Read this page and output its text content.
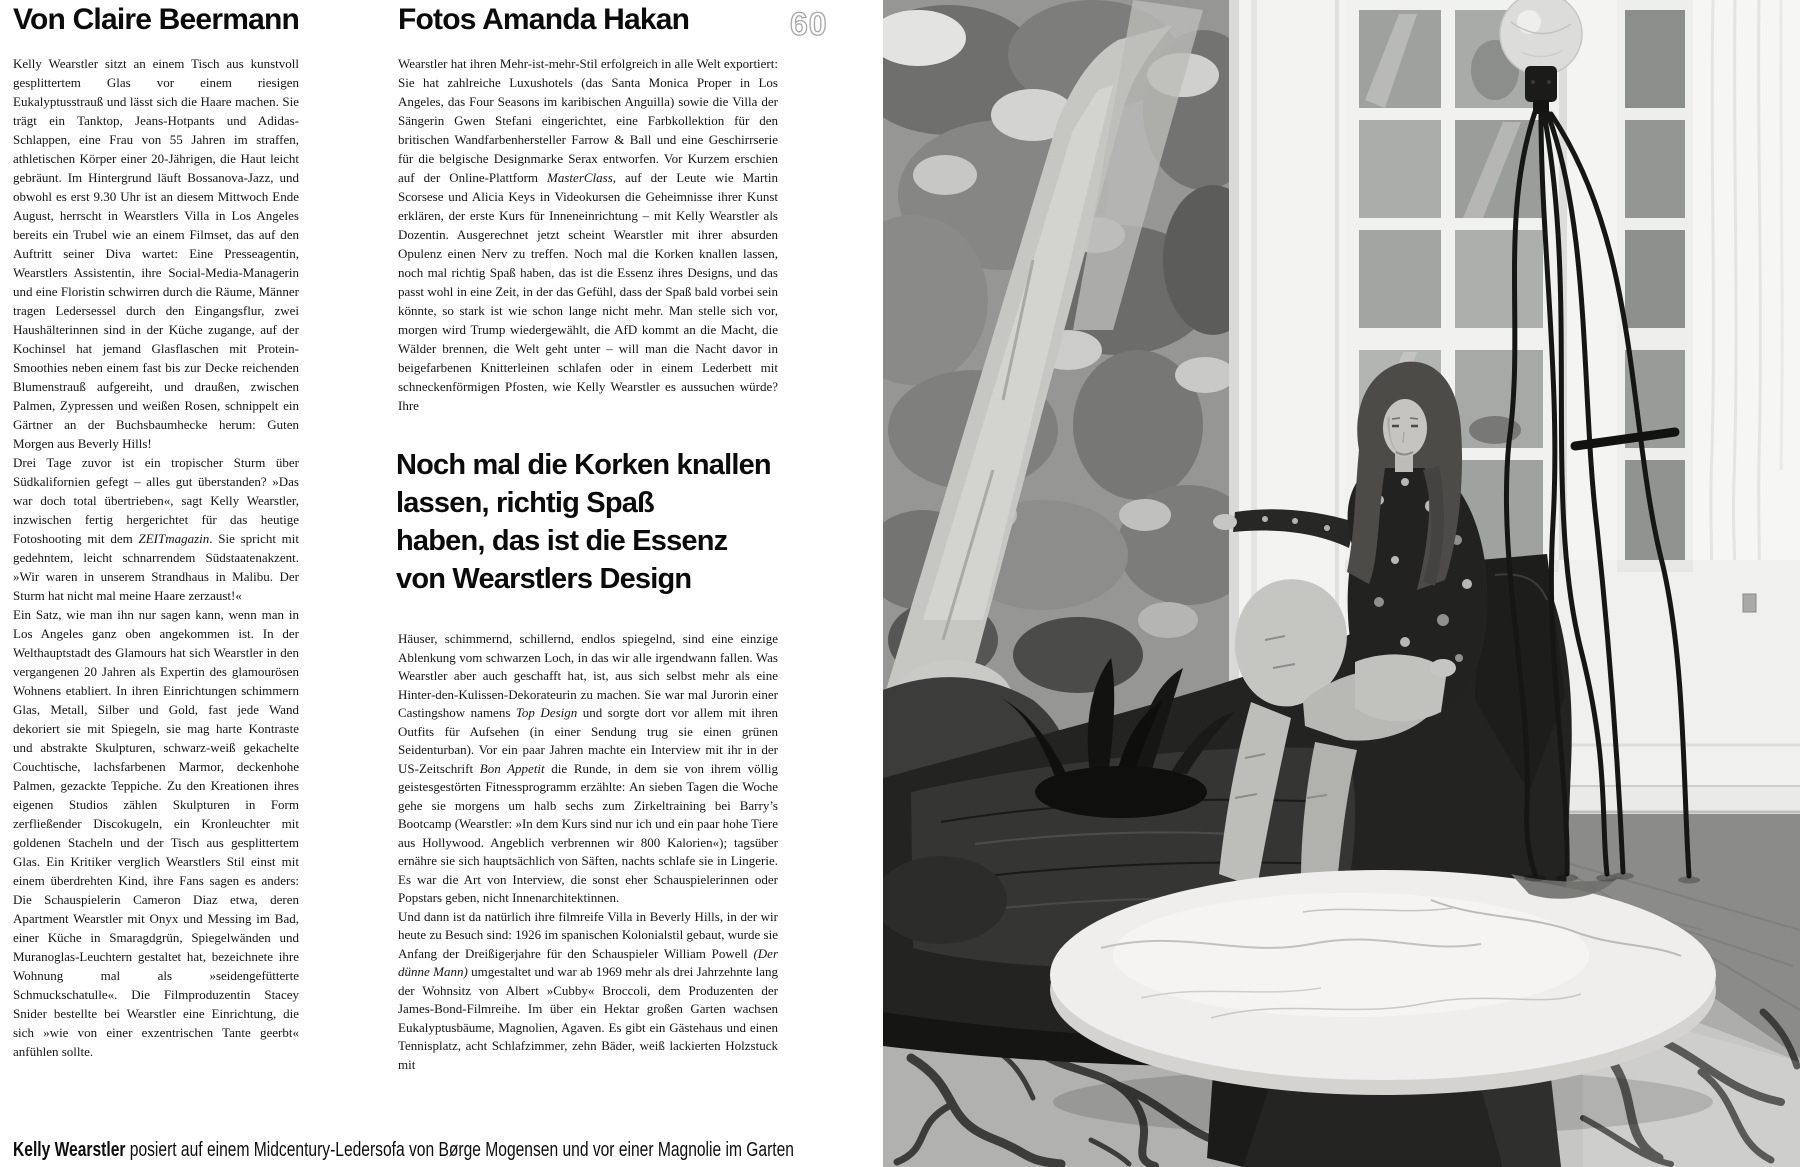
Von Claire Beermann	Fotos Amanda Hakan	60

Kelly Wearstler sitzt an einem Tisch aus kunstvoll gesplittertem Glas vor einem riesigen Eukalyptusstrauß und lässt sich die Haare machen. Sie trägt ein Tanktop, Jeans-Hotpants und Adidas-Schlappen, eine Frau von 55 Jahren im straffen, athletischen Körper einer 20-Jährigen, die Haut leicht gebräunt. Im Hintergrund läuft Bossanova-Jazz, und obwohl es erst 9.30 Uhr ist an diesem Mittwoch Ende August, herrscht in Wearstlers Villa in Los Angeles bereits ein Trubel wie an einem Filmset, das auf den Auftritt seiner Diva wartet: Eine Presseagentin, Wearstlers Assistentin, ihre Social-Media-Managerin und eine Floristin schwirren durch die Räume, Männer tragen Ledersessel durch den Eingangsflur, zwei Haushälterinnen sind in der Küche zugange, auf der Kochinsel hat jemand Glasflaschen mit Protein-Smoothies neben einem fast bis zur Decke reichenden Blumenstrauß aufgereiht, und draußen, zwischen Palmen, Zypressen und weißen Rosen, schnippelt ein Gärtner an der Buchsbaumhecke herum: Guten Morgen aus Beverly Hills!

Drei Tage zuvor ist ein tropischer Sturm über Südkalifornien gefegt – alles gut überstanden? »Das war doch total übertrieben«, sagt Kelly Wearstler, inzwischen fertig hergerichtet für das heutige Fotoshooting mit dem ZEITmagazin. Sie spricht mit gedehntem, leicht schnarrendem Südstaatenakzent. »Wir waren in unserem Strandhaus in Malibu. Der Sturm hat nicht mal meine Haare zerzaust!«

Ein Satz, wie man ihn nur sagen kann, wenn man in Los Angeles ganz oben angekommen ist. In der Welthauptstadt des Glamours hat sich Wearstler in den vergangenen 20 Jahren als Expertin des glamourösen Wohnens etabliert. In ihren Einrichtungen schimmern Glas, Metall, Silber und Gold, fast jede Wand dekoriert sie mit Spiegeln, sie mag harte Kontraste und abstrakte Skulpturen, schwarz-weiß gekachelte Couchtische, lachsfarbenen Marmor, deckenhohe Palmen, gezackte Teppiche. Zu den Kreationen ihres eigenen Studios zählen Skulpturen in Form zerfließender Discokugeln, ein Kronleuchter mit goldenen Stacheln und der Tisch aus gesplittertem Glas. Ein Kritiker verglich Wearstlers Stil einst mit einem überdrehten Kind, ihre Fans sagen es anders: Die Schauspielerin Cameron Diaz etwa, deren Apartment Wearstler mit Onyx und Messing im Bad, einer Küche in Smaragdgrün, Spiegelwänden und Muranoglas-Leuchtern gestaltet hat, bezeichnete ihre Wohnung mal als »seidengefütterte Schmuckschatulle«. Die Filmproduzentin Stacey Snider bestellte bei Wearstler eine Einrichtung, die sich »wie von einer exzentrischen Tante geerbt« anfühlen sollte.

Wearstler hat ihren Mehr-ist-mehr-Stil erfolgreich in alle Welt exportiert: Sie hat zahlreiche Luxushotels (das Santa Monica Proper in Los Angeles, das Four Seasons im karibischen Anguilla) sowie die Villa der Sängerin Gwen Stefani eingerichtet, eine Farbkollektion für den britischen Wandfarbenhersteller Farrow & Ball und eine Geschirrserie für die belgische Designmarke Serax entworfen. Vor Kurzem erschien auf der Online-Plattform MasterClass, auf der Leute wie Martin Scorsese und Alicia Keys in Videokursen die Geheimnisse ihrer Kunst erklären, der erste Kurs für Inneneinrichtung – mit Kelly Wearstler als Dozentin. Ausgerechnet jetzt scheint Wearstler mit ihrer absurden Opulenz einen Nerv zu treffen. Noch mal die Korken knallen lassen, noch mal richtig Spaß haben, das ist die Essenz ihres Designs, und das passt wohl in eine Zeit, in der das Gefühl, dass der Spaß bald vorbei sein könnte, so stark ist wie schon lange nicht mehr. Man stelle sich vor, morgen wird Trump wiedergewählt, die AfD kommt an die Macht, die Wälder brennen, die Welt geht unter – will man die Nacht davor in beigefarbenen Knitterleinen schlafen oder in einem Lederbett mit schneckenförmigen Pfosten, wie Kelly Wearstler es aussuchen würde? Ihre

Noch mal die Korken knallen
lassen, richtig Spaß
haben, das ist die Essenz
von Wearstlers Design

Häuser, schimmernd, schillernd, endlos spiegelnd, sind eine einzige Ablenkung vom schwarzen Loch, in das wir alle irgendwann fallen. Was Wearstler aber auch geschafft hat, ist, aus sich selbst mehr als eine Hinter-den-Kulissen-Dekorateurin zu machen. Sie war mal Jurorin einer Castingshow namens Top Design und sorgte dort vor allem mit ihren Outfits für Aufsehen (in einer Sendung trug sie einen grünen Seidenturban). Vor ein paar Jahren machte ein Interview mit ihr in der US-Zeitschrift Bon Appetit die Runde, in dem sie von ihrem völlig geistesgestörten Fitnessprogramm erzählte: An sieben Tagen die Woche gehe sie morgens um halb sechs zum Zirkeltraining bei Barry’s Bootcamp (Wearstler: »In dem Kurs sind nur ich und ein paar hohe Tiere aus Hollywood. Angeblich verbrennen wir 800 Kalorien«); tagsüber ernähre sie sich hauptsächlich von Säften, nachts schlafe sie in Lingerie. Es war die Art von Interview, die sonst eher Schauspielerinnen oder Popstars geben, nicht Innenarchitektinnen.

Und dann ist da natürlich ihre filmreife Villa in Beverly Hills, in der wir heute zu Besuch sind: 1926 im spanischen Kolonialstil gebaut, wurde sie Anfang der Dreißigerjahre für den Schauspieler William Powell (Der dünne Mann) umgestaltet und war ab 1969 mehr als drei Jahrzehnte lang der Wohnsitz von Albert »Cubby« Broccoli, dem Produzenten der James-Bond-Filmreihe. Im über ein Hektar großen Garten wachsen Eukalyptusbäume, Magnolien, Agaven. Es gibt ein Gästehaus und einen Tennisplatz, acht Schlafzimmer, zehn Bäder, weiß lackierten Holzstuck mit

Kelly Wearstler posiert auf einem Midcentury-Ledersofa von Børge Mogensen und vor einer Magnolie im Garten
